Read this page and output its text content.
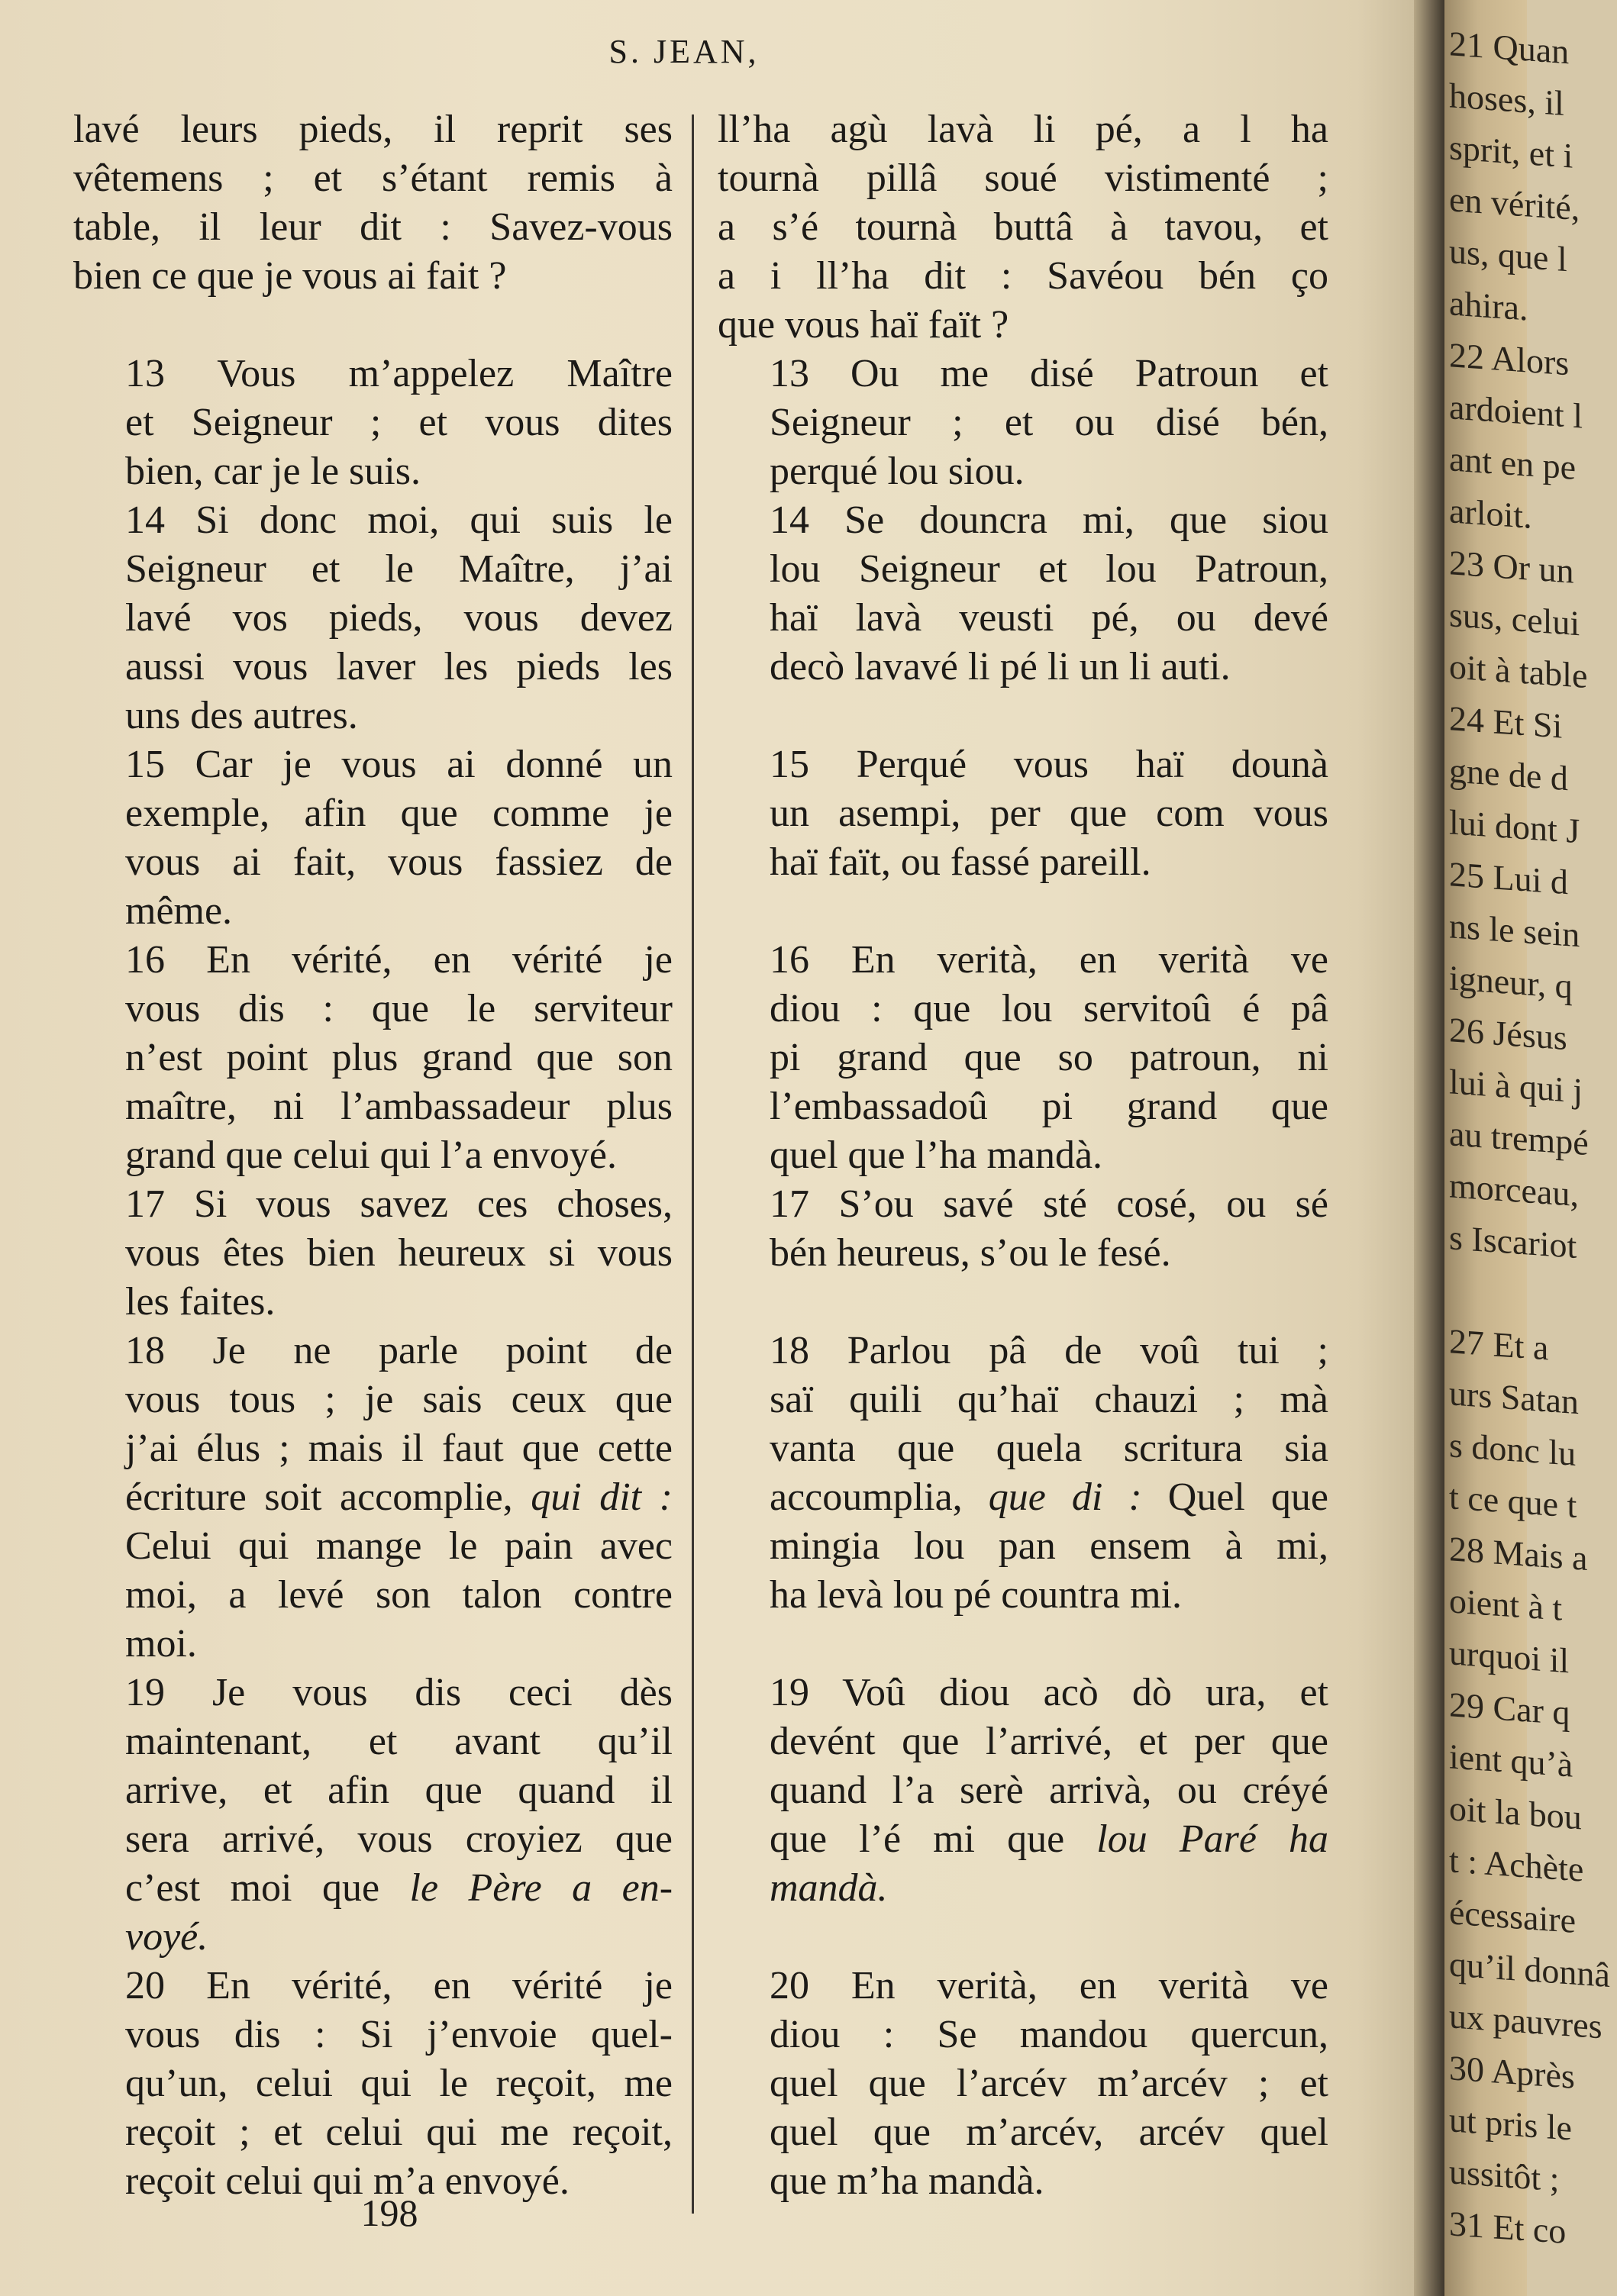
21 Quan
hoses, il
sprit, et i
en vérité,
us, que l
ahira.
22 Alors
ardoient l
ant en pe
arloit.
23 Or un
sus, celui
oit à table
24 Et Si
gne de d
lui dont J
25 Lui d
ns le sein
igneur, q
26 Jésus
lui à qui j
au trempé
morceau,
s Iscariot
27 Et a
urs Satan
s donc lu
t ce que t
28 Mais a
oient à t
urquoi il
29 Car q
ient qu’à
oit la bou
t : Achète
écessaire
qu’il donnâ
ux pauvres
30 Après
ut pris le
ussitôt ;
31 Et co
S. JEAN,
lavé leurs pieds, il reprit ses
vêtemens ; et s’étant remis à
table, il leur dit : Savez-vous
bien ce que je vous ai fait ?
13 Vous m’appelez Maître
et Seigneur ; et vous dites
bien, car je le suis.
14 Si donc moi, qui suis le
Seigneur et le Maître, j’ai
lavé vos pieds, vous devez
aussi vous laver les pieds les
uns des autres.
15 Car je vous ai donné un
exemple, afin que comme je
vous ai fait, vous fassiez de
même.
16 En vérité, en vérité je
vous dis : que le serviteur
n’est point plus grand que son
maître, ni l’ambassadeur plus
grand que celui qui l’a envoyé.
17 Si vous savez ces choses,
vous êtes bien heureux si vous
les faites.
18 Je ne parle point de
vous tous ; je sais ceux que
j’ai élus ; mais il faut que cette
écriture soit accomplie, qui dit :
Celui qui mange le pain avec
moi, a levé son talon contre
moi.
19 Je vous dis ceci dès
maintenant, et avant qu’il
arrive, et afin que quand il
sera arrivé, vous croyiez que
c’est moi que le Père a en-
voyé.
20 En vérité, en vérité je
vous dis : Si j’envoie quel-
qu’un, celui qui le reçoit, me
reçoit ; et celui qui me reçoit,
reçoit celui qui m’a envoyé.
ll’ha agù lavà li pé, a l ha
tournà pillâ soué vistimenté ;
a s’é tournà buttâ à tavou, et
a i ll’ha dit : Savéou bén ço
que vous haï faït ?
13 Ou me disé Patroun et
Seigneur ; et ou disé bén,
perqué lou siou.
14 Se douncra mi, que siou
lou Seigneur et lou Patroun,
haï lavà veusti pé, ou devé
decò lavavé li pé li un li auti.
15 Perqué vous haï dounà
un asempi, per que com vous
haï faït, ou fassé pareill.
16 En verità, en verità ve
diou : que lou servitoû é pâ
pi grand que so patroun, ni
l’embassadoû pi grand que
quel que l’ha mandà.
17 S’ou savé sté cosé, ou sé
bén heureus, s’ou le fesé.
18 Parlou pâ de voû tui ;
saï quili qu’haï chauzi ; mà
vanta que quela scritura sia
accoumplia, que di : Quel que
mingia lou pan ensem à mi,
ha levà lou pé countra mi.
19 Voû diou acò dò ura, et
devént que l’arrivé, et per que
quand l’a serè arrivà, ou créyé
que l’é mi que lou Paré ha
mandà.
20 En verità, en verità ve
diou : Se mandou quercun,
quel que l’arcév m’arcév ; et
quel que m’arcév, arcév quel
que m’ha mandà.
198
